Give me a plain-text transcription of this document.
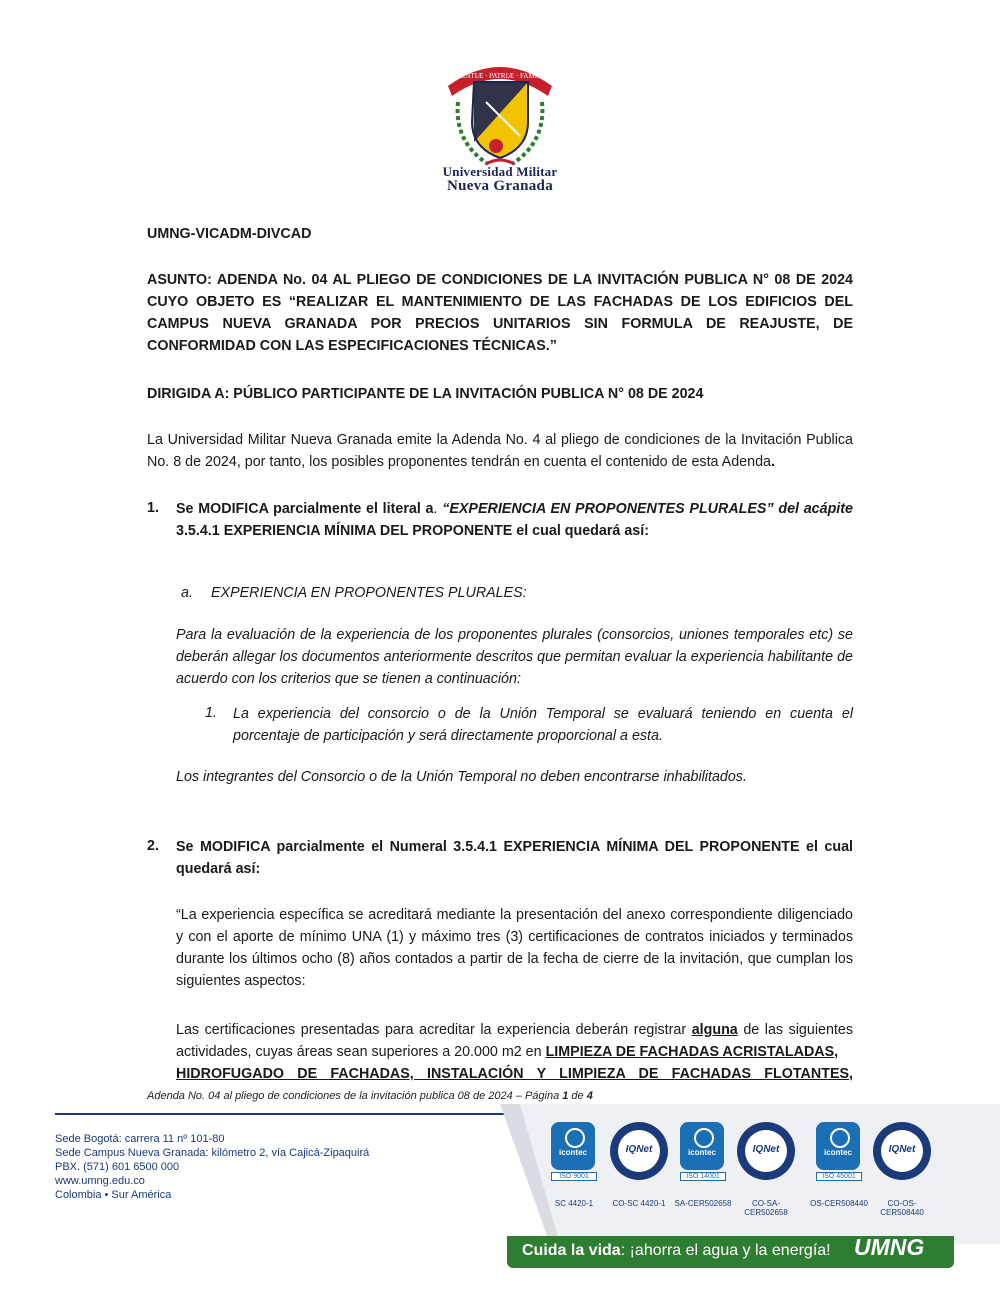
SCIENTIÆ · PATRIÆ · FAMILIÆ
Universidad Militar
Nueva Granada
UMNG-VICADM-DIVCAD
ASUNTO: ADENDA No. 04 AL PLIEGO DE CONDICIONES DE LA INVITACIÓN PUBLICA N° 08 DE 2024 CUYO OBJETO ES “REALIZAR EL MANTENIMIENTO DE LAS FACHADAS DE LOS EDIFICIOS DEL CAMPUS NUEVA GRANADA POR PRECIOS UNITARIOS SIN FORMULA DE REAJUSTE, DE CONFORMIDAD CON LAS ESPECIFICACIONES TÉCNICAS.”
DIRIGIDA A: PÚBLICO PARTICIPANTE DE LA INVITACIÓN PUBLICA N° 08 DE 2024
La Universidad Militar Nueva Granada emite la Adenda No. 4 al pliego de condiciones de la Invitación Publica No. 8 de 2024, por tanto, los posibles proponentes tendrán en cuenta el contenido de esta Adenda.
1. Se MODIFICA parcialmente el literal a. “EXPERIENCIA EN PROPONENTES PLURALES” del acápite
3.5.4.1 EXPERIENCIA MÍNIMA DEL PROPONENTE el cual quedará así:
a. EXPERIENCIA EN PROPONENTES PLURALES:
Para la evaluación de la experiencia de los proponentes plurales (consorcios, uniones temporales etc) se deberán allegar los documentos anteriormente descritos que permitan evaluar la experiencia habilitante de acuerdo con los criterios que se tienen a continuación:
1. La experiencia del consorcio o de la Unión Temporal se evaluará teniendo en cuenta el porcentaje de participación y será directamente proporcional a esta.
Los integrantes del Consorcio o de la Unión Temporal no deben encontrarse inhabilitados.
2. Se MODIFICA parcialmente el Numeral 3.5.4.1 EXPERIENCIA MÍNIMA DEL PROPONENTE el cual quedará así:
“La experiencia específica se acreditará mediante la presentación del anexo correspondiente diligenciado y con el aporte de mínimo UNA (1) y máximo tres (3) certificaciones de contratos iniciados y terminados durante los últimos ocho (8) años contados a partir de la fecha de cierre de la invitación, que cumplan los siguientes aspectos:
Las certificaciones presentadas para acreditar la experiencia deberán registrar alguna de las siguientes actividades, cuyas áreas sean superiores a 20.000 m2 en LIMPIEZA DE FACHADAS ACRISTALADAS,
HIDROFUGADO DE FACHADAS, INSTALACIÓN Y LIMPIEZA DE FACHADAS FLOTANTES,
Adenda No. 04 al pliego de condiciones de la invitación publica 08 de 2024 – Página 1 de 4
Sede Bogotá: carrera 11 nº 101-80
Sede Campus Nueva Granada: kilómetro 2, vía Cajicá-Zipaquirá
PBX. (571) 601 6500 000
www.umng.edu.co
Colombia • Sur América
icontec
ISO 9001
SC 4420-1
IQNet
CO-SC 4420-1
icontec
ISO 14001
SA-CER502658
IQNet
CO-SA-CER502658
icontec
ISO 45001
OS-CER508440
IQNet
CO-OS-CER508440
Cuida la vida: ¡ahorra el agua y la energía! UMNG
